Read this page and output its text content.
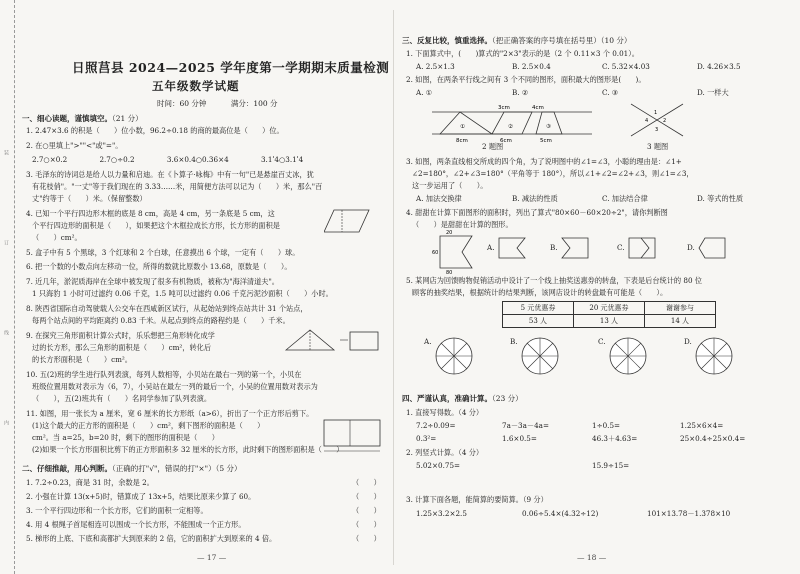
装
订
线
内
日照莒县 2024—2025 学年度第一学期期末质量检测
五年级数学试题
时间：60 分钟	满分：100 分
一、细心读题，谨慎填空。（21 分）
1. 2.47×3.6 的积是（　　）位小数，96.2÷0.18 的商的最高位是（　　）位。
2. 在○里填上">""<"或"="。
2.7○×0.2	2.7○÷0.2	3.6×0.4○0.36×4	3.1ʹ4○3.1ʹ4
3. 毛泽东的诗词总是给人以力量和启迪。在《卜算子·咏梅》中有一句"已是悬崖百丈冰，犹
有花枝俏"。"一丈"等于我们现在的 3.33……米，用简便方法可以记为（　　）米，那么"百
丈"约等于（　　）米。（保留整数）
4. 已知一个平行四边形木框的底是 8 cm，高是 4 cm，另一条底是 5 cm，这
个平行四边形的面积是（　　），如果把这个木框拉成长方形，长方形的面积是
（　　）cm²。
5. 盒子中有 5 个黑球，3 个红球和 2 个白球，任意摸出 6 个球，一定有（　　）球。
6. 把一个数的小数点向左移动一位，所得的数就比原数小 13.68，原数是（　　）。
7. 近几年，淤泥质海岸在全球中被发现了很多有机物质，被称为"海洋清道夫"。
1 只海豹 1 小时可过滤约 0.06 千克，1.5 吨可以过滤约 0.06 千克污泥沙面积（　　）小时。
8. 陕西省国际自动驾驶载人公交车在西咸新区试行，从起始站到终点站共计 31 个站点，
每两个站点间的平均距离约 0.83 千米。从起点到终点的路程约是（　　）千米。
9. 在探究三角形面积计算公式时，乐乐想把三角形转化成学
过的长方形，那么三角形的面积是（　　）cm²，转化后
的长方形面积是（　　）cm²。
10. 五(2)班的学生进行队列表演，每列人数相等，小贝站在最右一列的第一个，小贝在
班级位置用数对表示为（6，7），小吴站在最左一列的最后一个，小吴的位置用数对表示为
（　　），五(2)班共有（　　）名同学参加了队列表演。
11. 如图，用一张长为 a 厘米，宽 6 厘米的长方形纸（a>6），折出了一个正方形后剪下。
(1)这个最大的正方形的面积是（　　）cm²，剩下图形的面积是（　　）
cm²。当 a=25，b=20 时，剩下的图形的面积是（　　）
(2)如果一个长方形面积比剪下的正方形面积多 32 厘米的长方形，此时剩下的图形面积是（　　）
二、仔细推敲，用心判断。（正确的打"√"，错误的打"×"）（5 分）
1. 7.2÷0.23，商是 31 时，余数是 2。
2. 小强在计算 13(x+5)时，错算成了 13x+5，结果比原来少算了 60。
3. 一个平行四边形和一个长方形，它们的面积一定相等。
4. 用 4 根绳子首尾相连可以围成一个长方形，不能围成一个正方形。
5. 梯形的上底、下底和高都扩大到原来的 2 倍，它的面积扩大到原来的 4 倍。
（　　）
（　　）
（　　）
（　　）
（　　）
— 17 —
三、反复比较，慎重选择。（把正确答案的序号填在括号里）（10 分）
1. 下面算式中，(　　)算式的"2×3"表示的是（2 个 0.11×3 个 0.01）。
A. 2.5×1.3	B. 2.5×0.4	C. 5.32×4.03	D. 4.26×3.5
2. 如图，在两条平行线之间有 3 个不同的图形，面积最大的图形是(　　)。
A. ①	B. ②	C. ③	D. 一样大
3cm	4cm
8cm	6cm	5cm
①	②	③
2 题图
1
2
3
4
3 题图
3. 如图，两条直线相交所成的四个角，为了说明图中的∠1=∠3，小聪的理由是：∠1+
∠2=180°，∠2+∠3=180°（平角等于 180°），所以∠1+∠2=∠2+∠3，则∠1=∠3，
这一步运用了（　　）。
A. 加法交换律	B. 减法的性质	C. 加法结合律	D. 等式的性质
4. 甜甜在计算下面图形的面积时，列出了算式"80×60－60×20÷2"，请你判断图
（　　）是甜甜在计算的图形。
20
60
80
A.	B.	C.	D.
5. 某网店为回馈购物促销活动中设计了一个线上抽奖送惠券的转盘，下表是后台统计的 80 位
顾客的抽奖结果，根据统计的结果判断，该网店设计的转盘最有可能是（　　）。
5 元优惠券	20 元优惠券	谢谢参与
53 人	13 人	14 人
A.	B.	C.	D.
四、严谨认真，准确计算。（23 分）
1. 直接写得数。（4 分）
7.2÷0.09=	7a－3a－4a=	1÷0.5=	1.25×6×4=
0.3²=	1.6×0.5=	46.3＋4.63=	25×0.4÷25×0.4=
2. 列竖式计算。（4 分）
5.02×0.75=	15.9÷15=
3. 计算下面各题，能简算的要简算。（9 分）
1.25×3.2×2.5	0.06÷5.4×(4.32÷12)	101×13.78－1.378×10
— 18 —
